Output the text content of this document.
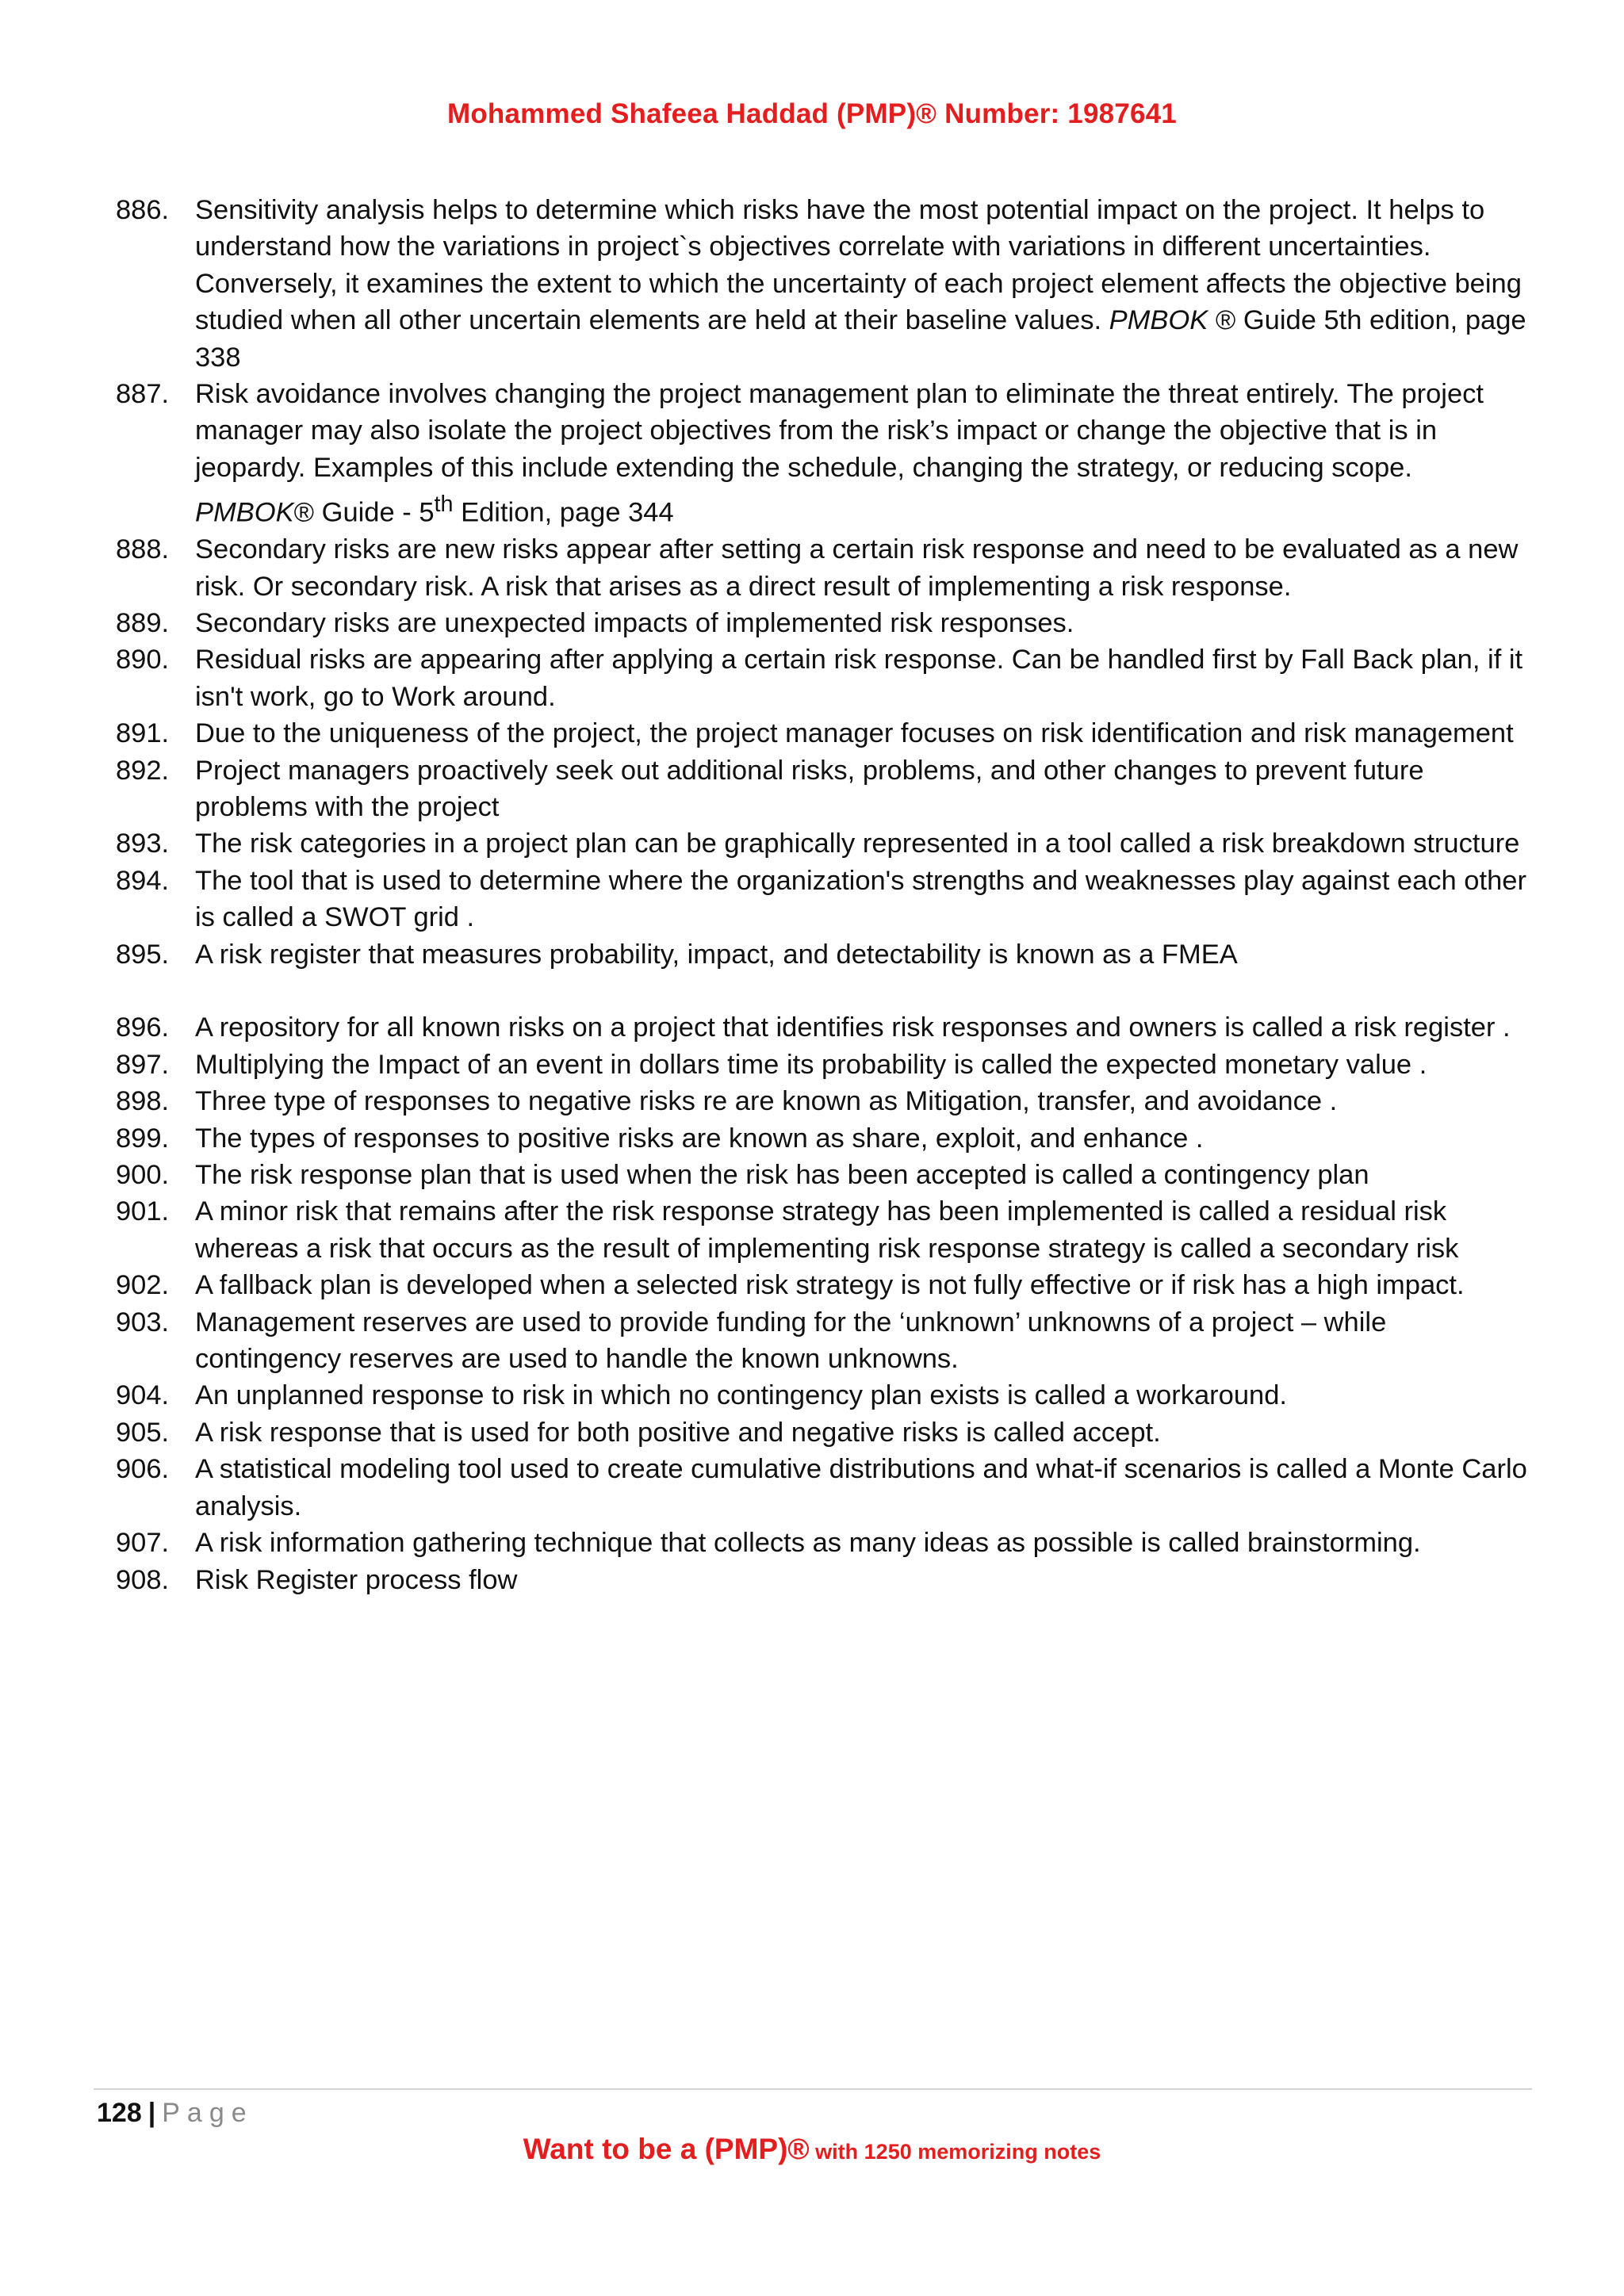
Mohammed Shafeea Haddad (PMP)® Number: 1987641
886. Sensitivity analysis helps to determine which risks have the most potential impact on the project. It helps to understand how the variations in project`s objectives correlate with variations in different uncertainties. Conversely, it examines the extent to which the uncertainty of each project element affects the objective being studied when all other uncertain elements are held at their baseline values. PMBOK ® Guide 5th edition, page 338
887. Risk avoidance involves changing the project management plan to eliminate the threat entirely. The project manager may also isolate the project objectives from the risk’s impact or change the objective that is in jeopardy. Examples of this include extending the schedule, changing the strategy, or reducing scope. PMBOK® Guide - 5th Edition, page 344
888. Secondary risks are new risks appear after setting a certain risk response and need to be evaluated as a new risk. Or secondary risk. A risk that arises as a direct result of implementing a risk response.
889. Secondary risks are unexpected impacts of implemented risk responses.
890. Residual risks are appearing after applying a certain risk response. Can be handled first by Fall Back plan, if it isn't work, go to Work around.
891. Due to the uniqueness of the project, the project manager focuses on risk identification and risk management
892. Project managers proactively seek out additional risks, problems, and other changes to prevent future problems with the project
893. The risk categories in a project plan can be graphically represented in a tool called a risk breakdown structure
894. The tool that is used to determine where the organization's strengths and weaknesses play against each other is called a SWOT grid .
895. A risk register that measures probability, impact, and detectability is known as a FMEA
896. A repository for all known risks on a project that identifies risk responses and owners is called a risk register .
897. Multiplying the Impact of an event in dollars time its probability is called the expected monetary value .
898. Three type of responses to negative risks re are known as Mitigation, transfer, and avoidance .
899. The types of responses to positive risks are known as share, exploit, and enhance .
900. The risk response plan that is used when the risk has been accepted is called a contingency plan
901. A minor risk that remains after the risk response strategy has been implemented is called a residual risk whereas a risk that occurs as the result of implementing risk response strategy is called a secondary risk
902. A fallback plan is developed when a selected risk strategy is not fully effective or if risk has a high impact.
903. Management reserves are used to provide funding for the ‘unknown’ unknowns of a project – while contingency reserves are used to handle the known unknowns.
904. An unplanned response to risk in which no contingency plan exists is called a workaround.
905. A risk response that is used for both positive and negative risks is called accept.
906. A statistical modeling tool used to create cumulative distributions and what-if scenarios is called a Monte Carlo analysis.
907. A risk information gathering technique that collects as many ideas as possible is called brainstorming.
908. Risk Register process flow
128 | Page
Want to be a (PMP)® with 1250 memorizing notes
